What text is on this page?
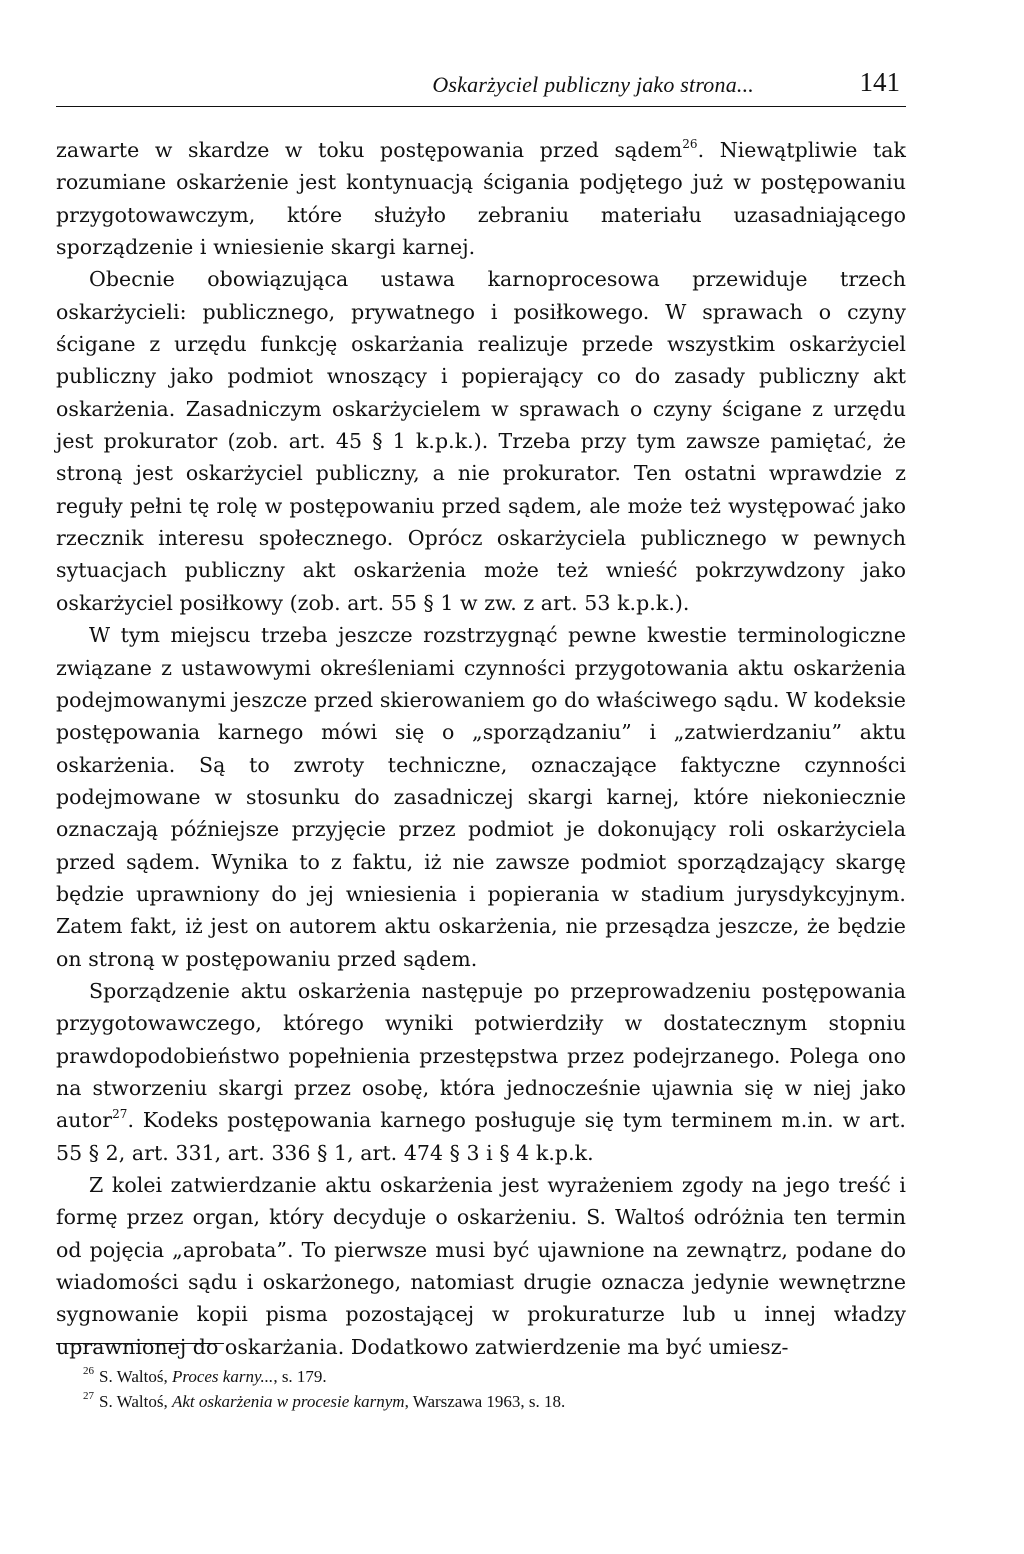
Oskarżyciel publiczny jako strona...	141

zawarte w skardze w toku postępowania przed sądem$^{26}$. Niewątpliwie tak rozumiane oskarżenie jest kontynuacją ścigania podjętego już w postępowaniu przygotowawczym, które służyło zebraniu materiału uzasadniającego sporządzenie i wniesienie skargi karnej.

Obecnie obowiązująca ustawa karnoprocesowa przewiduje trzech oskarżycieli: publicznego, prywatnego i posiłkowego. W sprawach o czyny ścigane z urzędu funkcję oskarżania realizuje przede wszystkim oskarżyciel publiczny jako podmiot wnoszący i popierający co do zasady publiczny akt oskarżenia. Zasadniczym oskarżycielem w sprawach o czyny ścigane z urzędu jest prokurator (zob. art. 45 § 1 k.p.k.). Trzeba przy tym zawsze pamiętać, że stroną jest oskarżyciel publiczny, a nie prokurator. Ten ostatni wprawdzie z reguły pełni tę rolę w postępowaniu przed sądem, ale może też występować jako rzecznik interesu społecznego. Oprócz oskarżyciela publicznego w pewnych sytuacjach publiczny akt oskarżenia może też wnieść pokrzywdzony jako oskarżyciel posiłkowy (zob. art. 55 § 1 w zw. z art. 53 k.p.k.).

W tym miejscu trzeba jeszcze rozstrzygnąć pewne kwestie terminologiczne związane z ustawowymi określeniami czynności przygotowania aktu oskarżenia podejmowanymi jeszcze przed skierowaniem go do właściwego sądu. W kodeksie postępowania karnego mówi się o „sporządzaniu” i „zatwierdzaniu” aktu oskarżenia. Są to zwroty techniczne, oznaczające faktyczne czynności podejmowane w stosunku do zasadniczej skargi karnej, które niekoniecznie oznaczają późniejsze przyjęcie przez podmiot je dokonujący roli oskarżyciela przed sądem. Wynika to z faktu, iż nie zawsze podmiot sporządzający skargę będzie uprawniony do jej wniesienia i popierania w stadium jurysdykcyjnym. Zatem fakt, iż jest on autorem aktu oskarżenia, nie przesądza jeszcze, że będzie on stroną w postępowaniu przed sądem.

Sporządzenie aktu oskarżenia następuje po przeprowadzeniu postępowania przygotowawczego, którego wyniki potwierdziły w dostatecznym stopniu prawdopodobieństwo popełnienia przestępstwa przez podejrzanego. Polega ono na stworzeniu skargi przez osobę, która jednocześnie ujawnia się w niej jako autor$^{27}$. Kodeks postępowania karnego posługuje się tym terminem m.in. w art. 55 § 2, art. 331, art. 336 § 1, art. 474 § 3 i § 4 k.p.k.

Z kolei zatwierdzanie aktu oskarżenia jest wyrażeniem zgody na jego treść i formę przez organ, który decyduje o oskarżeniu. S. Waltoś odróżnia ten termin od pojęcia „aprobata”. To pierwsze musi być ujawnione na zewnątrz, podane do wiadomości sądu i oskarżonego, natomiast drugie oznacza jedynie wewnętrzne sygnowanie kopii pisma pozostającej w prokuraturze lub u innej władzy uprawnionej do oskarżania. Dodatkowo zatwierdzenie ma być umiesz-

$^{26}$ S. Waltoś, Proces karny..., s. 179.

$^{27}$ S. Waltoś, Akt oskarżenia w procesie karnym, Warszawa 1963, s. 18.
